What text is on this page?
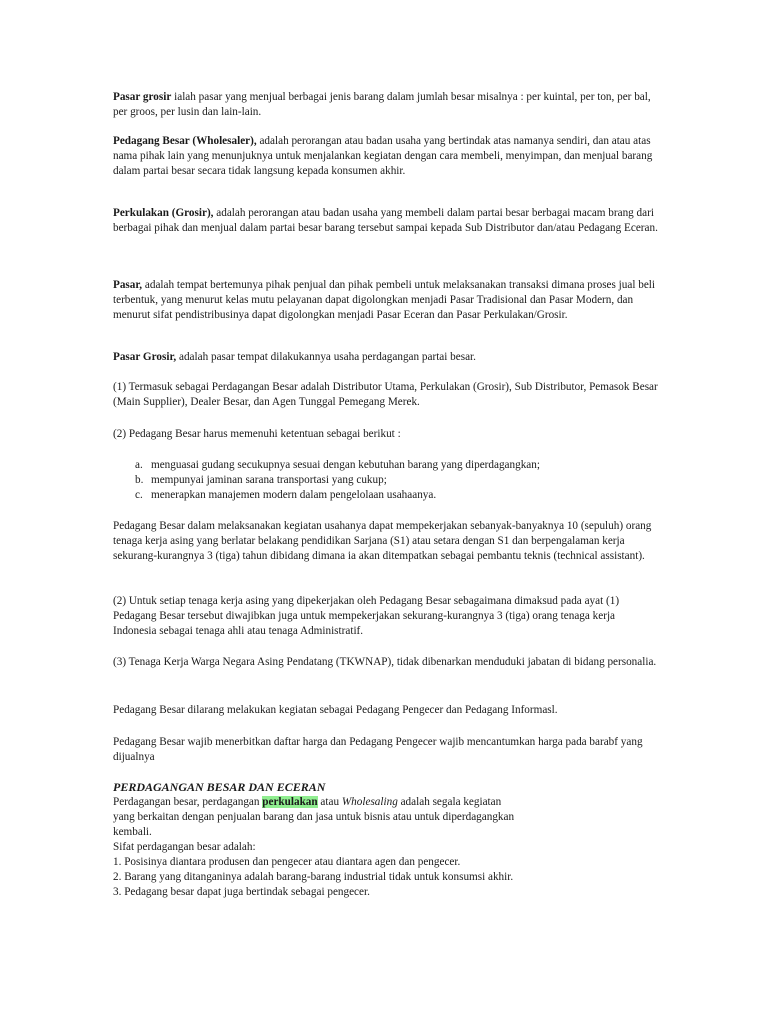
Pasar grosir ialah pasar yang menjual berbagai jenis barang dalam jumlah besar misalnya : per kuintal, per ton, per bal, per groos, per lusin dan lain-lain.

Pedagang Besar (Wholesaler), adalah perorangan atau badan usaha yang bertindak atas namanya sendiri, dan atau atas nama pihak lain yang menunjuknya untuk menjalankan kegiatan dengan cara membeli, menyimpan, dan menjual barang dalam partai besar secara tidak langsung kepada konsumen akhir.

Perkulakan (Grosir), adalah perorangan atau badan usaha yang membeli dalam partai besar berbagai macam brang dari berbagai pihak dan menjual dalam partai besar barang tersebut sampai kepada Sub Distributor dan/atau Pedagang Eceran.

Pasar, adalah tempat bertemunya pihak penjual dan pihak pembeli untuk melaksanakan transaksi dimana proses jual beli terbentuk, yang menurut kelas mutu pelayanan dapat digolongkan menjadi Pasar Tradisional dan Pasar Modern, dan menurut sifat pendistribusinya dapat digolongkan menjadi Pasar Eceran dan Pasar Perkulakan/Grosir.

Pasar Grosir, adalah pasar tempat dilakukannya usaha perdagangan partai besar.

(1) Termasuk sebagai Perdagangan Besar adalah Distributor Utama, Perkulakan (Grosir), Sub Distributor, Pemasok Besar (Main Supplier), Dealer Besar, dan Agen Tunggal Pemegang Merek.

(2) Pedagang Besar harus memenuhi ketentuan sebagai berikut :

a. menguasai gudang secukupnya sesuai dengan kebutuhan barang yang diperdagangkan;
b. mempunyai jaminan sarana transportasi yang cukup;
c. menerapkan manajemen modern dalam pengelolaan usahaanya.

Pedagang Besar dalam melaksanakan kegiatan usahanya dapat mempekerjakan sebanyak-banyaknya 10 (sepuluh) orang tenaga kerja asing yang berlatar belakang pendidikan Sarjana (S1) atau setara dengan S1 dan berpengalaman kerja sekurang-kurangnya 3 (tiga) tahun dibidang dimana ia akan ditempatkan sebagai pembantu teknis (technical assistant).

(2) Untuk setiap tenaga kerja asing yang dipekerjakan oleh Pedagang Besar sebagaimana dimaksud pada ayat (1) Pedagang Besar tersebut diwajibkan juga untuk mempekerjakan sekurang-kurangnya 3 (tiga) orang tenaga kerja Indonesia sebagai tenaga ahli atau tenaga Administratif.

(3) Tenaga Kerja Warga Negara Asing Pendatang (TKWNAP), tidak dibenarkan menduduki jabatan di bidang personalia.

Pedagang Besar dilarang melakukan kegiatan sebagai Pedagang Pengecer dan Pedagang Informasl.

Pedagang Besar wajib menerbitkan daftar harga dan Pedagang Pengecer wajib mencantumkan harga pada barabf yang dijualnya

PERDAGANGAN BESAR DAN ECERAN
Perdagangan besar, perdagangan perkulakan atau Wholesaling adalah segala kegiatan
yang berkaitan dengan penjualan barang dan jasa untuk bisnis atau untuk diperdagangkan
kembali.
Sifat perdagangan besar adalah:
1. Posisinya diantara produsen dan pengecer atau diantara agen dan pengecer.
2. Barang yang ditanganinya adalah barang-barang industrial tidak untuk konsumsi akhir.
3. Pedagang besar dapat juga bertindak sebagai pengecer.
